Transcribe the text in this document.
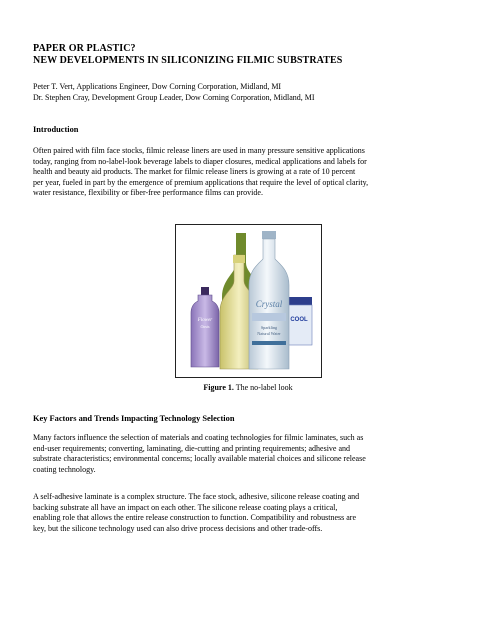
PAPER OR PLASTIC?
NEW DEVELOPMENTS IN SILICONIZING FILMIC SUBSTRATES
Peter T. Vert, Applications Engineer, Dow Corning Corporation, Midland, MI
Dr. Stephen Cray, Development Group Leader, Dow Corning Corporation, Midland, MI
Introduction
Often paired with film face stocks, filmic release liners are used in many pressure sensitive applications
today, ranging from no-label-look beverage labels to diaper closures, medical applications and labels for
health and beauty aid products. The market for filmic release liners is growing at a rate of 10 percent
per year, fueled in part by the emergence of premium applications that require the level of optical clarity,
water resistance, flexibility or fiber-free performance films can provide.
Flower
Oasis
COOL
Crystal
Sparkling
Natural Water
Figure 1. The no-label look
Key Factors and Trends Impacting Technology Selection
Many factors influence the selection of materials and coating technologies for filmic laminates, such as
end-user requirements; converting, laminating, die-cutting and printing requirements; adhesive and
substrate characteristics; environmental concerns; locally available material choices and silicone release
coating technology.
A self-adhesive laminate is a complex structure. The face stock, adhesive, silicone release coating and
backing substrate all have an impact on each other. The silicone release coating plays a critical,
enabling role that allows the entire release construction to function. Compatibility and robustness are
key, but the silicone technology used can also drive process decisions and other trade-offs.
